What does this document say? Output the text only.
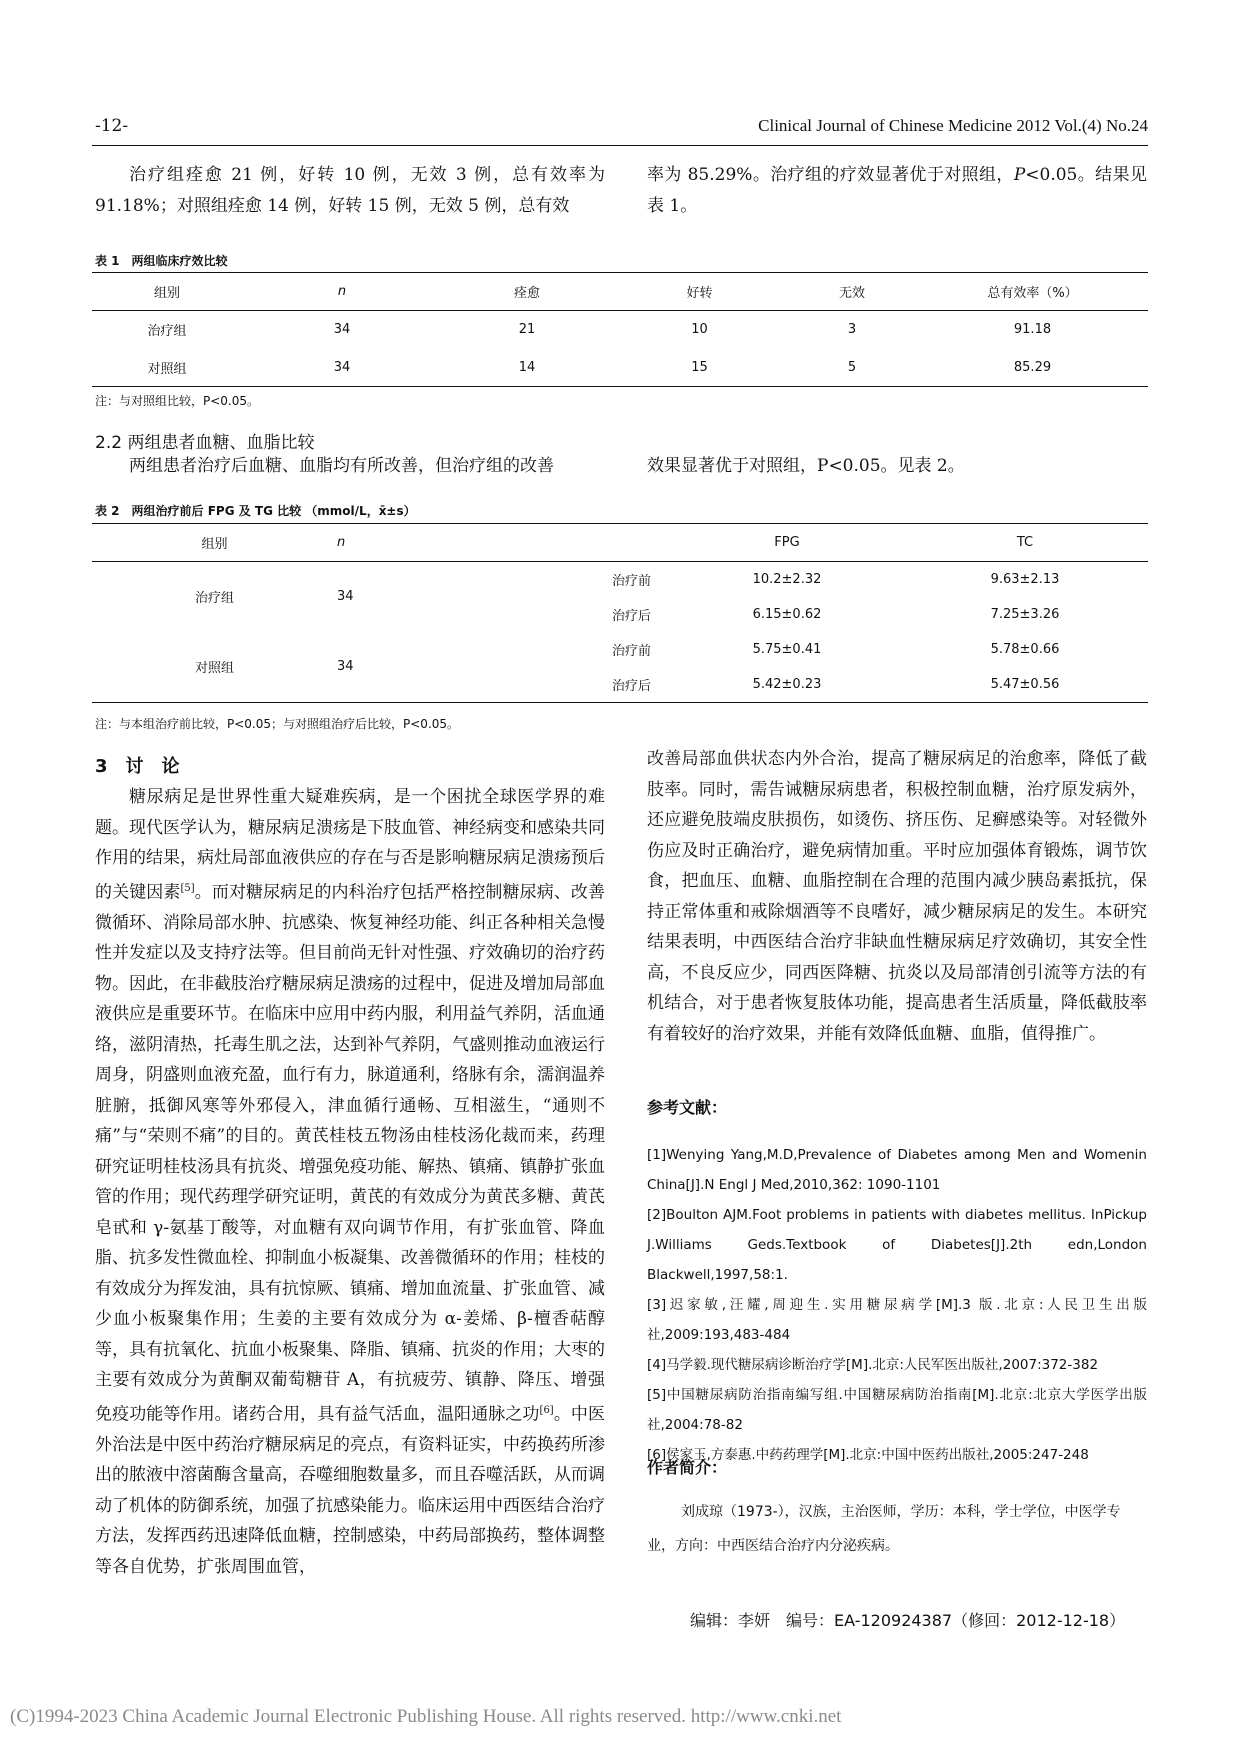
-12-	Clinical Journal of Chinese Medicine 2012 Vol.(4) No.24
治疗组痊愈 21 例，好转 10 例，无效 3 例，总有效率为 91.18%；对照组痊愈 14 例，好转 15 例，无效 5 例，总有效
率为 85.29%。治疗组的疗效显著优于对照组，P<0.05。结果见表 1。
表 1　两组临床疗效比较
组别	n	痊愈	好转	无效	总有效率（%）
治疗组	34	21	10	3	91.18
对照组	34	14	15	5	85.29
注：与对照组比较，P<0.05。
2.2 两组患者血糖、血脂比较
两组患者治疗后血糖、血脂均有所改善，但治疗组的改善	效果显著优于对照组，P<0.05。见表 2。
表 2　两组治疗前后 FPG 及 TG 比较 （mmol/L，x̄±s）
组别	n		FPG	TC
治疗组	34	治疗前	10.2±2.32	9.63±2.13
		治疗后	6.15±0.62	7.25±3.26
对照组	34	治疗前	5.75±0.41	5.78±0.66
		治疗后	5.42±0.23	5.47±0.56
注：与本组治疗前比较，P<0.05；与对照组治疗后比较，P<0.05。
3　讨　论
糖尿病足是世界性重大疑难疾病，是一个困扰全球医学界的难题。现代医学认为，糖尿病足溃疡是下肢血管、神经病变和感染共同作用的结果，病灶局部血液供应的存在与否是影响糖尿病足溃疡预后的关键因素[5]。而对糖尿病足的内科治疗包括严格控制糖尿病、改善微循环、消除局部水肿、抗感染、恢复神经功能、纠正各种相关急慢性并发症以及支持疗法等。但目前尚无针对性强、疗效确切的治疗药物。因此，在非截肢治疗糖尿病足溃疡的过程中，促进及增加局部血液供应是重要环节。在临床中应用中药内服，利用益气养阴，活血通络，滋阴清热，托毒生肌之法，达到补气养阴，气盛则推动血液运行周身，阴盛则血液充盈，血行有力，脉道通利，络脉有余，濡润温养脏腑，抵御风寒等外邪侵入，津血循行通畅、互相滋生，“通则不痛”与“荣则不痛”的目的。黄芪桂枝五物汤由桂枝汤化裁而来，药理研究证明桂枝汤具有抗炎、增强免疫功能、解热、镇痛、镇静扩张血管的作用；现代药理学研究证明，黄芪的有效成分为黄芪多糖、黄芪皂甙和 γ-氨基丁酸等，对血糖有双向调节作用，有扩张血管、降血脂、抗多发性微血栓、抑制血小板凝集、改善微循环的作用；桂枝的有效成分为挥发油，具有抗惊厥、镇痛、增加血流量、扩张血管、减少血小板聚集作用；生姜的主要有效成分为 α-姜烯、β-檀香萜醇等，具有抗氧化、抗血小板聚集、降脂、镇痛、抗炎的作用；大枣的主要有效成分为黄酮双葡萄糖苷 A，有抗疲劳、镇静、降压、增强免疫功能等作用。诸药合用，具有益气活血，温阳通脉之功[6]。中医外治法是中医中药治疗糖尿病足的亮点，有资料证实，中药换药所渗出的脓液中溶菌酶含量高，吞噬细胞数量多，而且吞噬活跃，从而调动了机体的防御系统，加强了抗感染能力。临床运用中西医结合治疗方法，发挥西药迅速降低血糖，控制感染，中药局部换药，整体调整等各自优势，扩张周围血管，
改善局部血供状态内外合治，提高了糖尿病足的治愈率，降低了截肢率。同时，需告诫糖尿病患者，积极控制血糖，治疗原发病外，还应避免肢端皮肤损伤，如烫伤、挤压伤、足癣感染等。对轻微外伤应及时正确治疗，避免病情加重。平时应加强体育锻炼，调节饮食，把血压、血糖、血脂控制在合理的范围内减少胰岛素抵抗，保持正常体重和戒除烟酒等不良嗜好，减少糖尿病足的发生。本研究结果表明，中西医结合治疗非缺血性糖尿病足疗效确切，其安全性高，不良反应少，同西医降糖、抗炎以及局部清创引流等方法的有机结合，对于患者恢复肢体功能，提高患者生活质量，降低截肢率有着较好的治疗效果，并能有效降低血糖、血脂，值得推广。
参考文献：
[1]Wenying Yang,M.D,Prevalence of Diabetes among Men and Womenin China[J].N Engl J Med,2010,362: 1090-1101
[2]Boulton AJM.Foot problems in patients with diabetes mellitus. InPickup J.Williams Geds.Textbook of Diabetes[J].2th edn,London Blackwell,1997,58:1.
[3]迟家敏,汪耀,周迎生.实用糖尿病学[M].3 版.北京:人民卫生出版社,2009:193,483-484
[4]马学毅.现代糖尿病诊断治疗学[M].北京:人民军医出版社,2007:372-382
[5]中国糖尿病防治指南编写组.中国糖尿病防治指南[M].北京:北京大学医学出版社,2004:78-82
[6]侯家玉,方泰惠.中药药理学[M].北京:中国中医药出版社,2005:247-248
作者简介：
刘成琼（1973-），汉族，主治医师，学历：本科，学士学位，中医学专业，方向：中西医结合治疗内分泌疾病。
编辑：李妍　编号：EA-120924387（修回：2012-12-18）
(C)1994-2023 China Academic Journal Electronic Publishing House. All rights reserved. http://www.cnki.net
